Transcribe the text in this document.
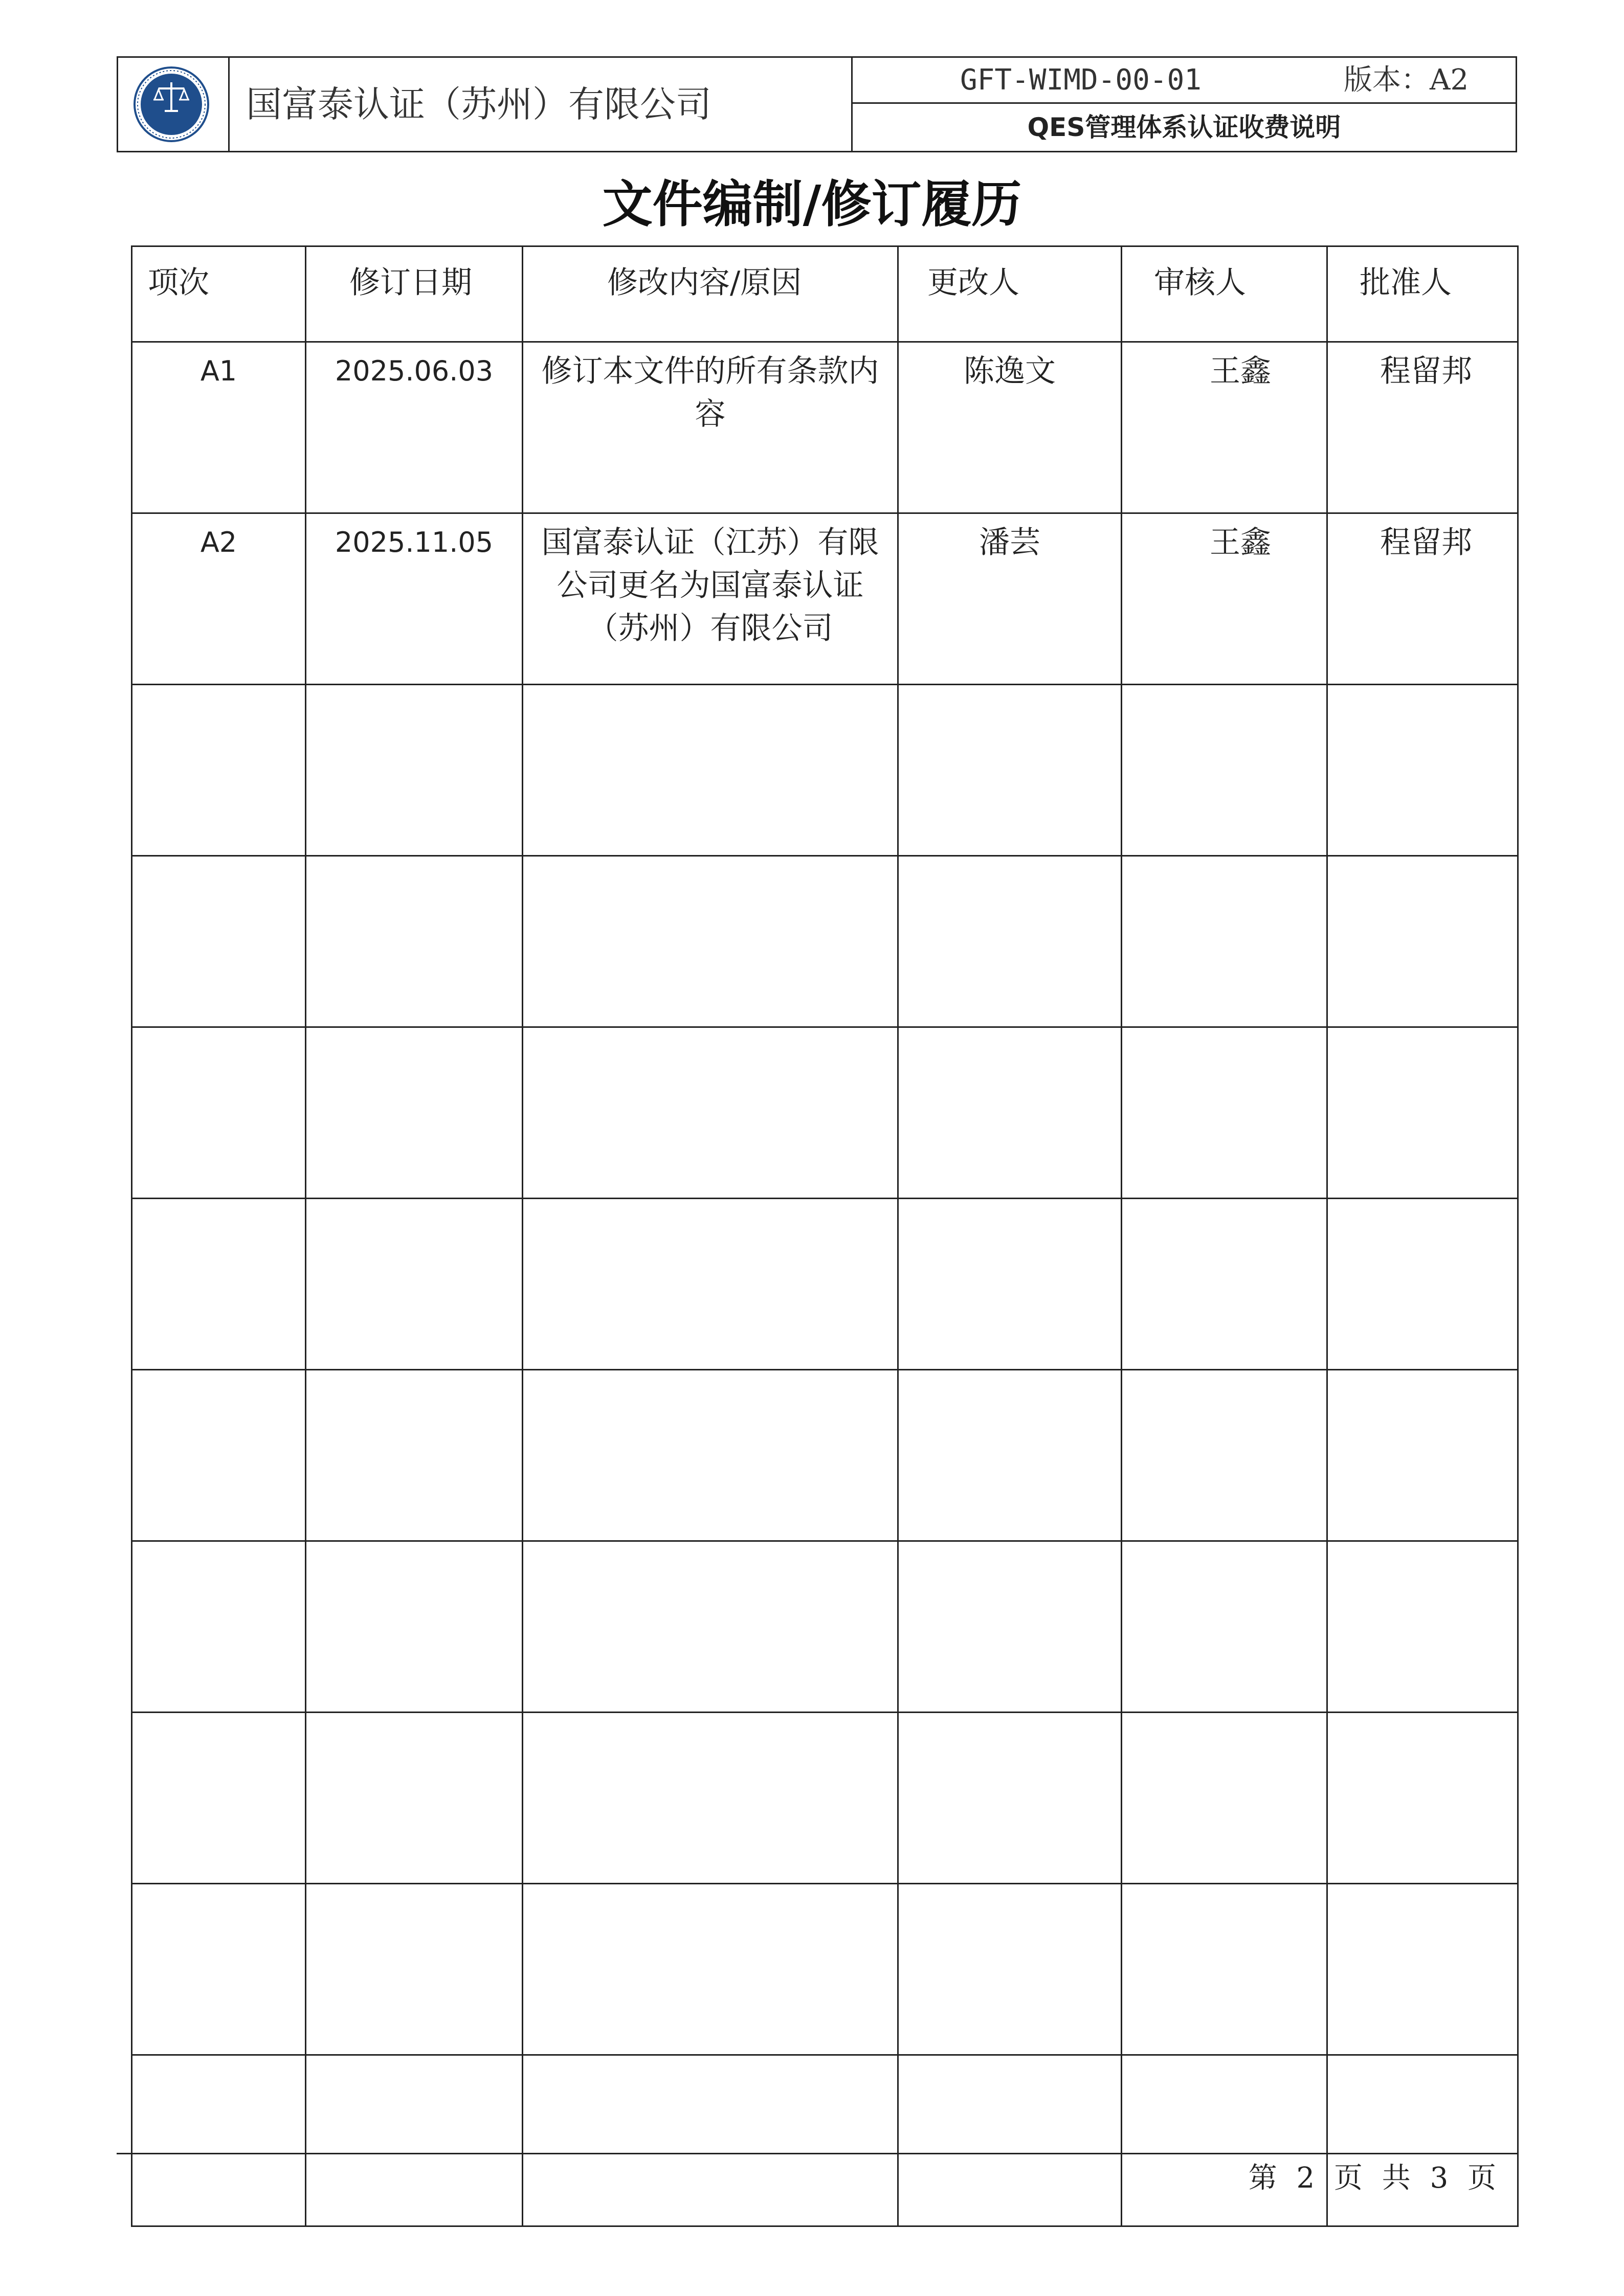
国富泰认证（苏州）有限公司
GFT-WIMD-00-01	版本：A2
QES管理体系认证收费说明
文件编制/修订履历
项次	修订日期	修改内容/原因	更改人	审核人	批准人
A1	2025.06.03	修订本文件的所有条款内容	陈逸文	王鑫	程留邦
A2	2025.11.05	国富泰认证（江苏）有限公司更名为国富泰认证（苏州）有限公司	潘芸	王鑫	程留邦

第 2 页 共 3 页
